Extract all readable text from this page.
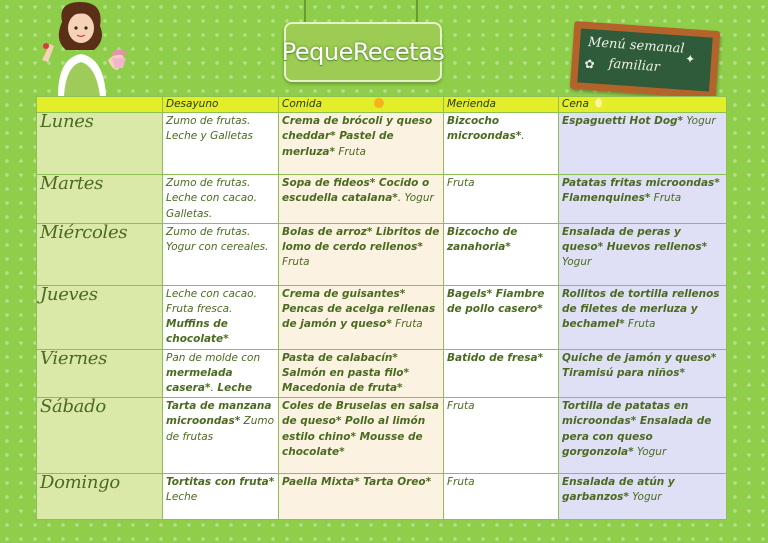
PequeRecetas	Menú semanal
✿ familiar ✦
	Desayuno	Comida	Merienda	Cena
Lunes	Zumo de frutas. Leche y Galletas	Crema de brócoli y queso cheddar* Pastel de merluza* Fruta	Bizcocho microondas*.	Espaguetti Hot Dog* Yogur
Martes	Zumo de frutas. Leche con cacao. Galletas.	Sopa de fideos* Cocido o escudella catalana*. Yogur	Fruta	Patatas fritas microondas* Flamenquines* Fruta
Miércoles	Zumo de frutas. Yogur con cereales.	Bolas de arroz* Libritos de lomo de cerdo rellenos* Fruta	Bizcocho de zanahoria*	Ensalada de peras y queso* Huevos rellenos* Yogur
Jueves	Leche con cacao. Fruta fresca. Muffins de chocolate*	Crema de guisantes* Pencas de acelga rellenas de jamón y queso* Fruta	Bagels* Fiambre de pollo casero*	Rollitos de tortilla rellenos de filetes de merluza y bechamel* Fruta
Viernes	Pan de molde con mermelada casera*. Leche	Pasta de calabacín* Salmón en pasta filo* Macedonia de fruta*	Batido de fresa*	Quiche de jamón y queso* Tiramisú para niños*
Sábado	Tarta de manzana microondas* Zumo de frutas	Coles de Bruselas en salsa de queso* Pollo al limón estilo chino* Mousse de chocolate*	Fruta	Tortilla de patatas en microondas* Ensalada de pera con queso gorgonzola* Yogur
Domingo	Tortitas con fruta* Leche	Paella Mixta* Tarta Oreo*	Fruta	Ensalada de atún y garbanzos* Yogur
